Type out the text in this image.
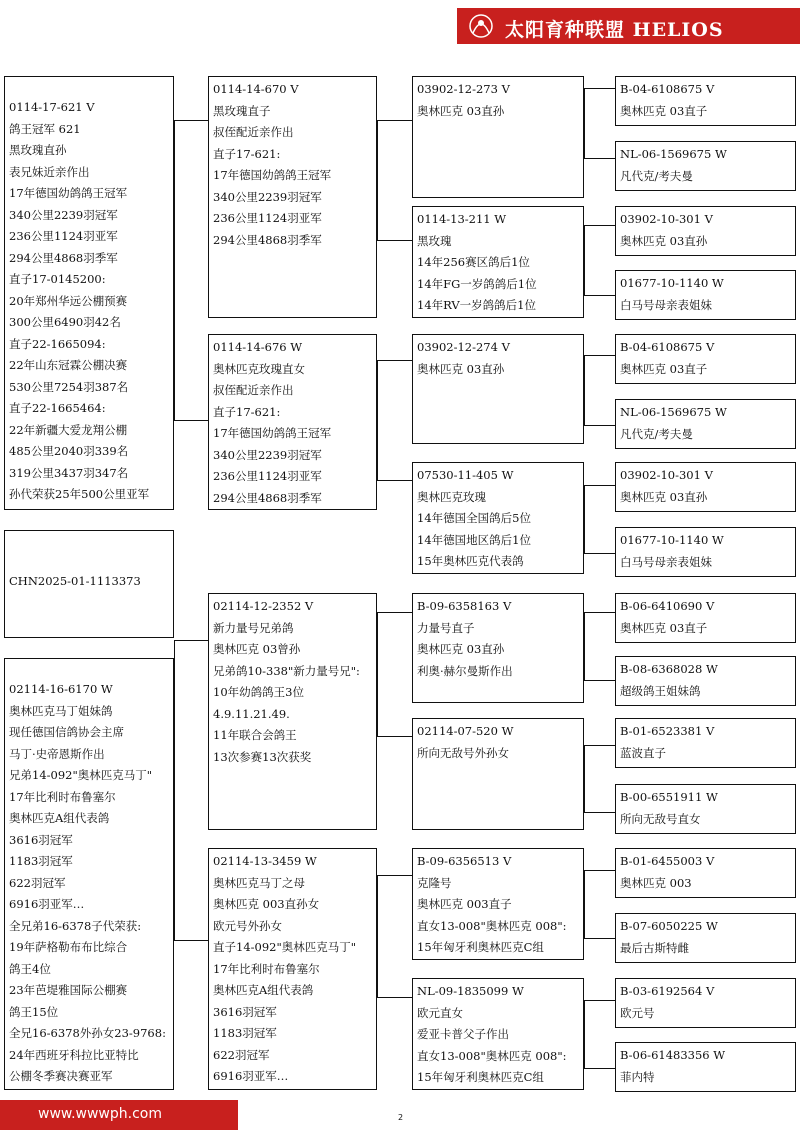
太阳育种联盟 HELIOS
0114-17-621 V
鸽王冠军 621
黑玫瑰直孙
表兄妹近亲作出
17年德国幼鸽鸽王冠军
340公里2239羽冠军
236公里1124羽亚军
294公里4868羽季军
直子17-0145200:
20年郑州华远公棚预赛
300公里6490羽42名
直子22-1665094:
22年山东冠霖公棚决赛
530公里7254羽387名
直子22-1665464:
22年新疆大爱龙翔公棚
485公里2040羽339名
319公里3437羽347名
孙代荣获25年500公里亚军
CHN2025-01-1113373
02114-16-6170 W
奥林匹克马丁姐妹鸽
现任德国信鸽协会主席
马丁·史帝恩斯作出
兄弟14-092"奥林匹克马丁"
17年比利时布鲁塞尔
奥林匹克A组代表鸽
3616羽冠军
1183羽冠军
622羽冠军
6916羽亚军…
全兄弟16-6378子代荣获:
19年萨格勒布布比综合
鸽王4位
23年芭堤雅国际公棚赛
鸽王15位
全兄16-6378外孙女23-9768:
24年西班牙科拉比亚特比
公棚冬季赛决赛亚军
0114-14-670 V
黑玫瑰直子
叔侄配近亲作出
直子17-621:
17年德国幼鸽鸽王冠军
340公里2239羽冠军
236公里1124羽亚军
294公里4868羽季军
0114-14-676 W
奥林匹克玫瑰直女
叔侄配近亲作出
直子17-621:
17年德国幼鸽鸽王冠军
340公里2239羽冠军
236公里1124羽亚军
294公里4868羽季军
02114-12-2352 V
新力量号兄弟鸽
奥林匹克 03曾孙
兄弟鸽10-338"新力量号兄":
10年幼鸽鸽王3位
4.9.11.21.49.
11年联合会鸽王
13次参赛13次获奖
02114-13-3459 W
奥林匹克马丁之母
奥林匹克 003直孙女
欧元号外孙女
直子14-092"奥林匹克马丁"
17年比利时布鲁塞尔
奥林匹克A组代表鸽
3616羽冠军
1183羽冠军
622羽冠军
6916羽亚军…
03902-12-273 V
奥林匹克 03直孙
0114-13-211 W
黑玫瑰
14年256赛区鸽后1位
14年FG一岁鸽鸽后1位
14年RV一岁鸽鸽后1位
03902-12-274 V
奥林匹克 03直孙
07530-11-405 W
奥林匹克玫瑰
14年德国全国鸽后5位
14年德国地区鸽后1位
15年奥林匹克代表鸽
B-09-6358163 V
力量号直子
奥林匹克 03直孙
利奥·赫尔曼斯作出
02114-07-520 W
所向无敌号外孙女
B-09-6356513 V
克隆号
奥林匹克 003直子
直女13-008"奥林匹克 008":
15年匈牙利奥林匹克C组
NL-09-1835099 W
欧元直女
爱亚卡普父子作出
直女13-008"奥林匹克 008":
15年匈牙利奥林匹克C组
B-04-6108675 V
奥林匹克 03直子
NL-06-1569675 W
凡代克/考夫曼
03902-10-301 V
奥林匹克 03直孙
01677-10-1140 W
白马号母亲表姐妹
B-04-6108675 V
奥林匹克 03直子
NL-06-1569675 W
凡代克/考夫曼
03902-10-301 V
奥林匹克 03直孙
01677-10-1140 W
白马号母亲表姐妹
B-06-6410690 V
奥林匹克 03直子
B-08-6368028 W
超级鸽王姐妹鸽
B-01-6523381 V
蓝波直子
B-00-6551911 W
所向无敌号直女
B-01-6455003 V
奥林匹克 003
B-07-6050225 W
最后古斯特雌
B-03-6192564 V
欧元号
B-06-61483356 W
菲内特
www.wwwph.com	2
